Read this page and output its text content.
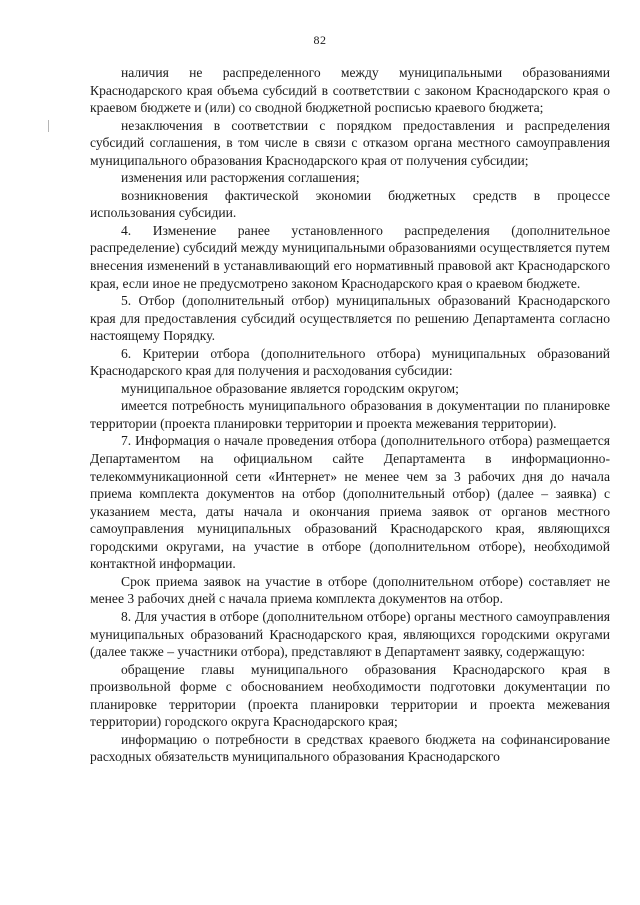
82

наличия не распределенного между муниципальными образованиями Краснодарского края объема субсидий в соответствии с законом Краснодарского края о краевом бюджете и (или) со сводной бюджетной росписью краевого бюджета;

незаключения в соответствии с порядком предоставления и распределения субсидий соглашения, в том числе в связи с отказом органа местного самоуправления муниципального образования Краснодарского края от получения субсидии;

изменения или расторжения соглашения;

возникновения фактической экономии бюджетных средств в процессе использования субсидии.

4. Изменение ранее установленного распределения (дополнительное распределение) субсидий между муниципальными образованиями осуществляется путем внесения изменений в устанавливающий его нормативный правовой акт Краснодарского края, если иное не предусмотрено законом Краснодарского края о краевом бюджете.

5. Отбор (дополнительный отбор) муниципальных образований Краснодарского края для предоставления субсидий осуществляется по решению Департамента согласно настоящему Порядку.

6. Критерии отбора (дополнительного отбора) муниципальных образований Краснодарского края для получения и расходования субсидии:

муниципальное образование является городским округом;

имеется потребность муниципального образования в документации по планировке территории (проекта планировки территории и проекта межевания территории).

7. Информация о начале проведения отбора (дополнительного отбора) размещается Департаментом на официальном сайте Департамента в информационно-телекоммуникационной сети «Интернет» не менее чем за 3 рабочих дня до начала приема комплекта документов на отбор (дополнительный отбор) (далее – заявка) с указанием места, даты начала и окончания приема заявок от органов местного самоуправления муниципальных образований Краснодарского края, являющихся городскими округами, на участие в отборе (дополнительном отборе), необходимой контактной информации.

Срок приема заявок на участие в отборе (дополнительном отборе) составляет не менее 3 рабочих дней с начала приема комплекта документов на отбор.

8. Для участия в отборе (дополнительном отборе) органы местного самоуправления муниципальных образований Краснодарского края, являющихся городскими округами (далее также – участники отбора), представляют в Департамент заявку, содержащую:

обращение главы муниципального образования Краснодарского края в произвольной форме с обоснованием необходимости подготовки документации по планировке территории (проекта планировки территории и проекта межевания территории) городского округа Краснодарского края;

информацию о потребности в средствах краевого бюджета на софинансирование расходных обязательств муниципального образования Краснодарского
